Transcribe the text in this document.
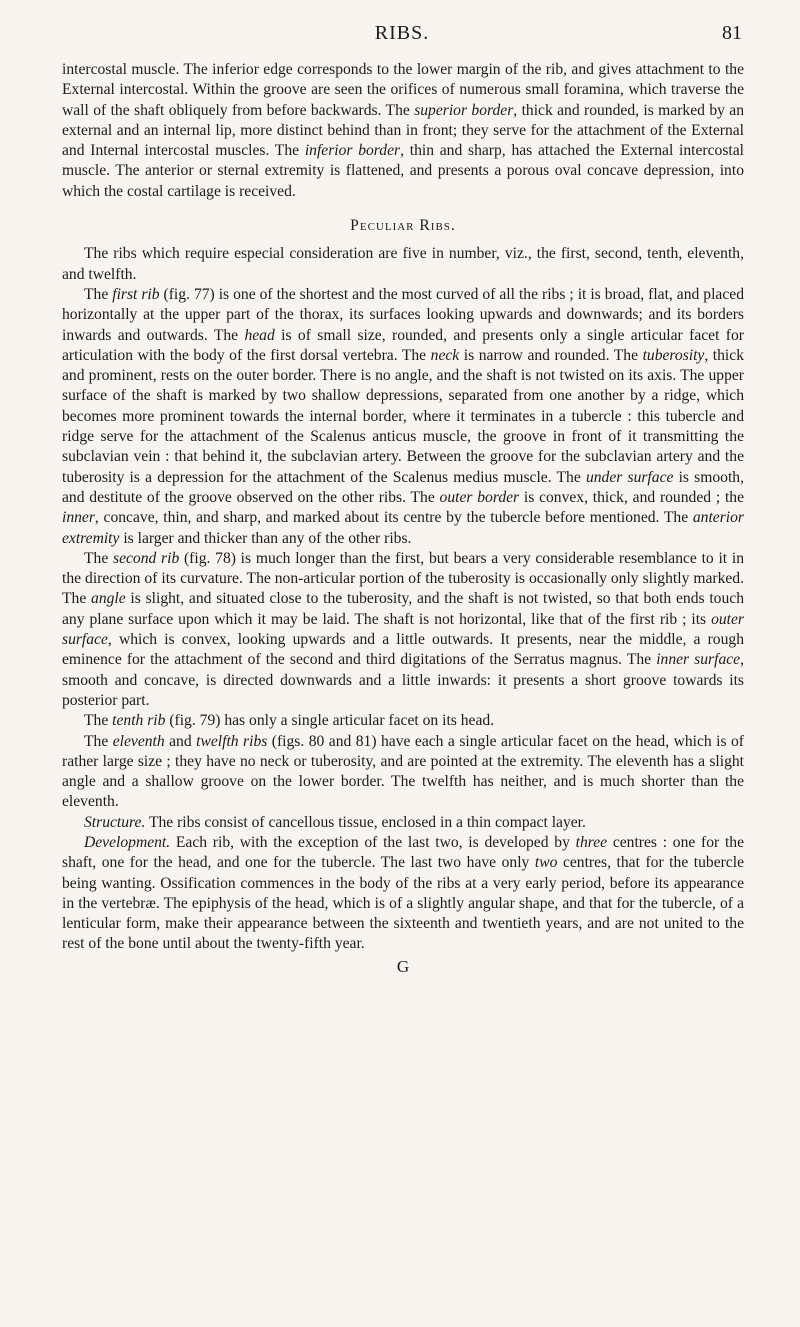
RIBS.	81

intercostal muscle. The inferior edge corresponds to the lower margin of the rib, and gives attachment to the External intercostal. Within the groove are seen the orifices of numerous small foramina, which traverse the wall of the shaft obliquely from before backwards. The superior border, thick and rounded, is marked by an external and an internal lip, more distinct behind than in front; they serve for the attachment of the External and Internal intercostal muscles. The inferior border, thin and sharp, has attached the External intercostal muscle. The anterior or sternal extremity is flattened, and presents a porous oval concave depression, into which the costal cartilage is received.

Peculiar Ribs.

The ribs which require especial consideration are five in number, viz., the first, second, tenth, eleventh, and twelfth.

The first rib (fig. 77) is one of the shortest and the most curved of all the ribs ; it is broad, flat, and placed horizontally at the upper part of the thorax, its surfaces looking upwards and downwards; and its borders inwards and outwards. The head is of small size, rounded, and presents only a single articular facet for articulation with the body of the first dorsal vertebra. The neck is narrow and rounded. The tuberosity, thick and prominent, rests on the outer border. There is no angle, and the shaft is not twisted on its axis. The upper surface of the shaft is marked by two shallow depressions, separated from one another by a ridge, which becomes more prominent towards the internal border, where it terminates in a tubercle : this tubercle and ridge serve for the attachment of the Scalenus anticus muscle, the groove in front of it transmitting the subclavian vein : that behind it, the subclavian artery. Between the groove for the subclavian artery and the tuberosity is a depression for the attachment of the Scalenus medius muscle. The under surface is smooth, and destitute of the groove observed on the other ribs. The outer border is convex, thick, and rounded ; the inner, concave, thin, and sharp, and marked about its centre by the tubercle before mentioned. The anterior extremity is larger and thicker than any of the other ribs.

The second rib (fig. 78) is much longer than the first, but bears a very considerable resemblance to it in the direction of its curvature. The non-articular portion of the tuberosity is occasionally only slightly marked. The angle is slight, and situated close to the tuberosity, and the shaft is not twisted, so that both ends touch any plane surface upon which it may be laid. The shaft is not horizontal, like that of the first rib ; its outer surface, which is convex, looking upwards and a little outwards. It presents, near the middle, a rough eminence for the attachment of the second and third digitations of the Serratus magnus. The inner surface, smooth and concave, is directed downwards and a little inwards: it presents a short groove towards its posterior part.

The tenth rib (fig. 79) has only a single articular facet on its head.

The eleventh and twelfth ribs (figs. 80 and 81) have each a single articular facet on the head, which is of rather large size ; they have no neck or tuberosity, and are pointed at the extremity. The eleventh has a slight angle and a shallow groove on the lower border. The twelfth has neither, and is much shorter than the eleventh.

Structure. The ribs consist of cancellous tissue, enclosed in a thin compact layer.

Development. Each rib, with the exception of the last two, is developed by three centres : one for the shaft, one for the head, and one for the tubercle. The last two have only two centres, that for the tubercle being wanting. Ossification commences in the body of the ribs at a very early period, before its appearance in the vertebræ. The epiphysis of the head, which is of a slightly angular shape, and that for the tubercle, of a lenticular form, make their appearance between the sixteenth and twentieth years, and are not united to the rest of the bone until about the twenty-fifth year.

G
